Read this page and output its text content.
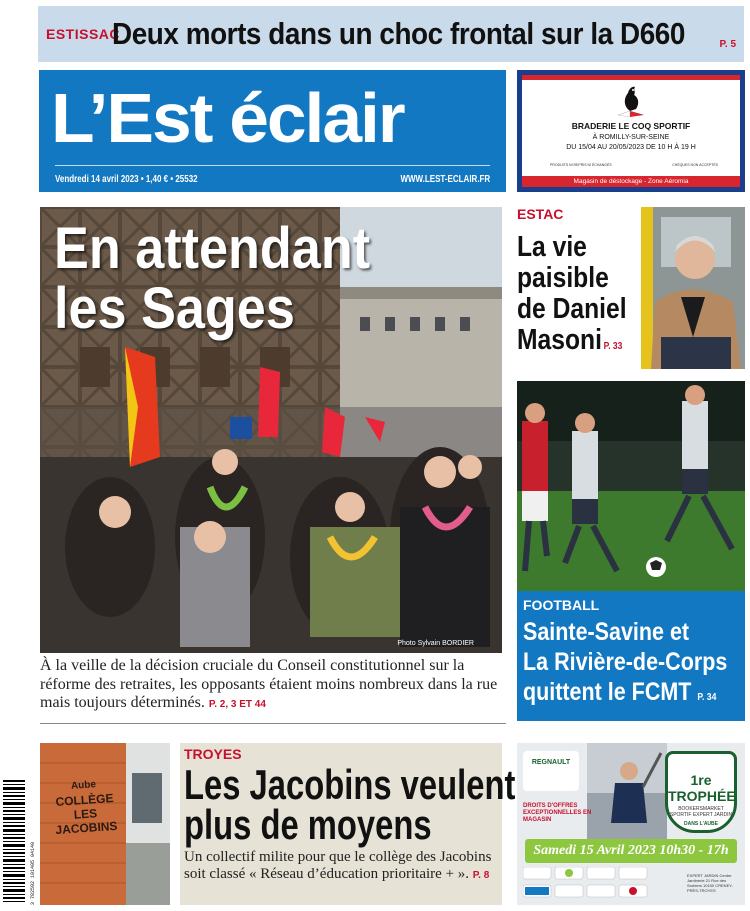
ESTISSAC
Deux morts dans un choc frontal sur la D660	P. 5
L’Est éclair
Vendredi 14 avril 2023 • 1,40 € • 25532	WWW.LEST-ECLAIR.FR
BRADERIE LE COQ SPORTIF
À ROMILLY-SUR-SEINE
DU 15/04 AU 20/05/2023 DE 10 H À 19 H
PRODUITS NI REPRIS NI ÉCHANGÉS	CHÈQUES NON ACCEPTÉS
Magasin de déstockage - Zone Aéromia
En attendant
les Sages
Photo Sylvain BORDIER
À la veille de la décision cruciale du Conseil constitutionnel sur la réforme des retraites, les opposants étaient moins nombreux dans la rue mais toujours déterminés. P. 2, 3 ET 44
ESTAC
La vie
paisible
de Daniel
Masoni P. 33
FOOTBALL
Sainte-Savine et
La Rivière-de-Corps
quittent le FCMT P. 34
3 782592 101405 04140
Aube
COLLÈGE
LES JACOBINS
TROYES
Les Jacobins veulent
plus de moyens
Un collectif milite pour que le collège des Jacobins soit classé « Réseau d’éducation prioritaire + ». P. 8
REGNAULT
DROITS D'OFFRES EXCEPTIONNELLES EN MAGASIN
1re TROPHÉE
BOOKERSMARKET SPORTIF EXPERT JARDIN
DANS L'AUBE
Samedi 15 Avril 2023 10h30 - 17h
EXPERT JARDIN Centre Jardinerie 21 Rue des Sorbiers 10150 CRENEY-PRÈS-TROYES
